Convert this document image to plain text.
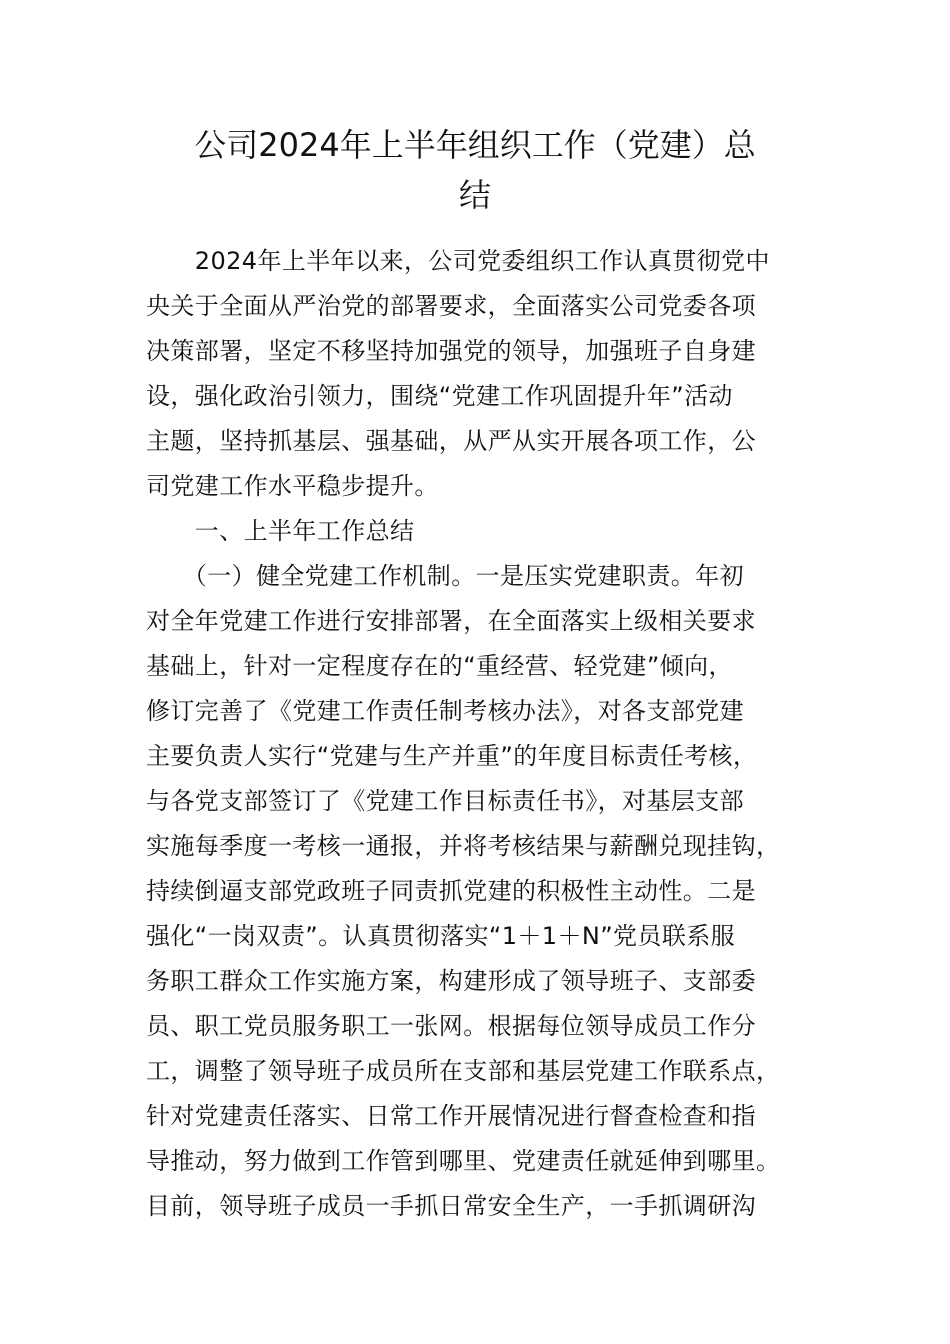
公司2024年上半年组织工作（党建）总
结

　　2024年上半年以来，公司党委组织工作认真贯彻党中

央关于全面从严治党的部署要求，全面落实公司党委各项

决策部署，坚定不移坚持加强党的领导，加强班子自身建

设，强化政治引领力，围绕“党建工作巩固提升年”活动

主题，坚持抓基层、强基础，从严从实开展各项工作，公

司党建工作水平稳步提升。

　　一、上半年工作总结

　　（一）健全党建工作机制。一是压实党建职责。年初

对全年党建工作进行安排部署，在全面落实上级相关要求

基础上，针对一定程度存在的“重经营、轻党建”倾向，

修订完善了《党建工作责任制考核办法》，对各支部党建

主要负责人实行“党建与生产并重”的年度目标责任考核，

与各党支部签订了《党建工作目标责任书》，对基层支部

实施每季度一考核一通报，并将考核结果与薪酬兑现挂钩，

持续倒逼支部党政班子同责抓党建的积极性主动性。二是

强化“一岗双责”。认真贯彻落实“1＋1＋N”党员联系服

务职工群众工作实施方案，构建形成了领导班子、支部委

员、职工党员服务职工一张网。根据每位领导成员工作分

工，调整了领导班子成员所在支部和基层党建工作联系点，

针对党建责任落实、日常工作开展情况进行督查检查和指

导推动，努力做到工作管到哪里、党建责任就延伸到哪里。

目前，领导班子成员一手抓日常安全生产，一手抓调研沟
